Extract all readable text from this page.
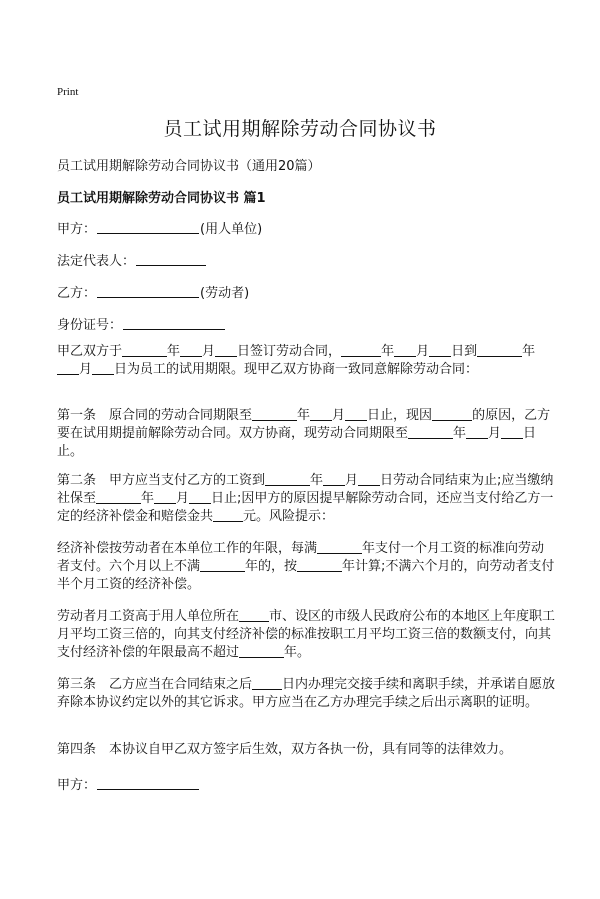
Print
员工试用期解除劳动合同协议书
员工试用期解除劳动合同协议书（通用20篇）
员工试用期解除劳动合同协议书 篇1
甲方：	(用人单位)
法定代表人：
乙方：	(劳动者)
身份证号：
甲乙双方于	年 月 日签订劳动合同，	年 月 日到	年月 日为员工的试用期限。现甲乙双方协商一致同意解除劳动合同：
第一条　原合同的劳动合同期限至	年 月 日止，现因	的原因，乙方要在试用期提前解除劳动合同。双方协商，现劳动合同期限至	年 月 日止。
第二条　甲方应当支付乙方的工资到	年 月 日劳动合同结束为止;应当缴纳社保至	年 月 日止;因甲方的原因提早解除劳动合同，还应当支付给乙方一定的经济补偿金和赔偿金共 元。风险提示：
经济补偿按劳动者在本单位工作的年限，每满	年支付一个月工资的标准向劳动者支付。六个月以上不满	年的，按	年计算;不满六个月的，向劳动者支付半个月工资的经济补偿。
劳动者月工资高于用人单位所在 市、设区的市级人民政府公布的本地区上年度职工月平均工资三倍的，向其支付经济补偿的标准按职工月平均工资三倍的数额支付，向其支付经济补偿的年限最高不超过	年。
第三条　乙方应当在合同结束之后 日内办理完交接手续和离职手续，并承诺自愿放弃除本协议约定以外的其它诉求。甲方应当在乙方办理完手续之后出示离职的证明。
第四条　本协议自甲乙双方签字后生效，双方各执一份，具有同等的法律效力。
甲方：
